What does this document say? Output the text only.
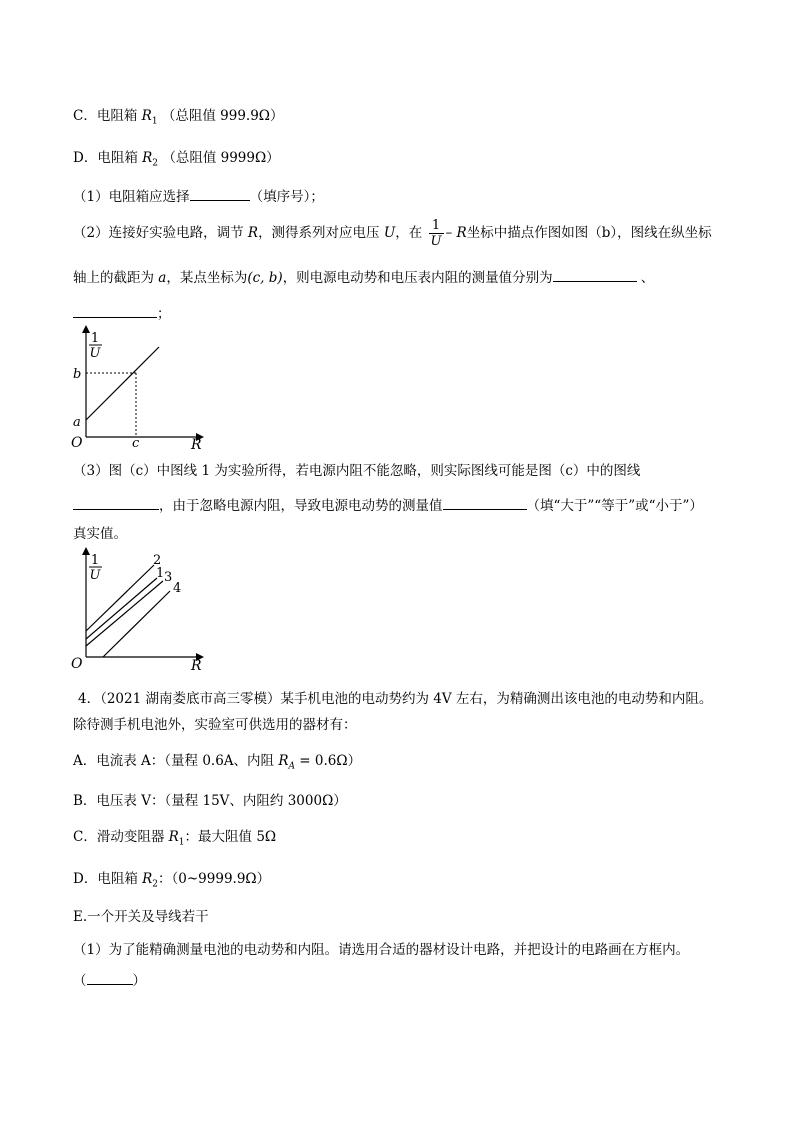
C．电阻箱 $R_1$ （总阻值 999.9Ω）
D．电阻箱 $R_2$ （总阻值 9999Ω）
（1）电阻箱应选择	（填序号）；
（2）连接好实验电路，调节 R，测得系列对应电压 U，在 $\frac{1}{U}$ – R坐标中描点作图如图（b），图线在纵坐标
轴上的截距为 a，某点坐标为(c, b)，则电源电动势和电压表内阻的测量值分别为	、
；
1
U
b
a
O	c	R
（3）图（c）中图线 1 为实验所得，若电源内阻不能忽略，则实际图线可能是图（c）中的图线
，由于忽略电源内阻，导致电源电动势的测量值	（填“大于”“等于”或“小于”）
真实值。
1
U
2
1 3
4
O	R
4．（2021 湖南娄底市高三零模）某手机电池的电动势约为 4V 左右，为精确测出该电池的电动势和内阻。
除待测手机电池外，实验室可供选用的器材有：
A．电流表 A：（量程 0.6A、内阻 $R_A = 0.6\Omega$）
B．电压表 V：（量程 15V、内阻约 3000Ω）
C．滑动变阻器 $R_1$：最大阻值 5Ω
D．电阻箱 $R_2$：（0~9999.9Ω）
E.一个开关及导线若干
（1）为了能精确测量电池的电动势和内阻。请选用合适的器材设计电路，并把设计的电路画在方框内。
（	）
